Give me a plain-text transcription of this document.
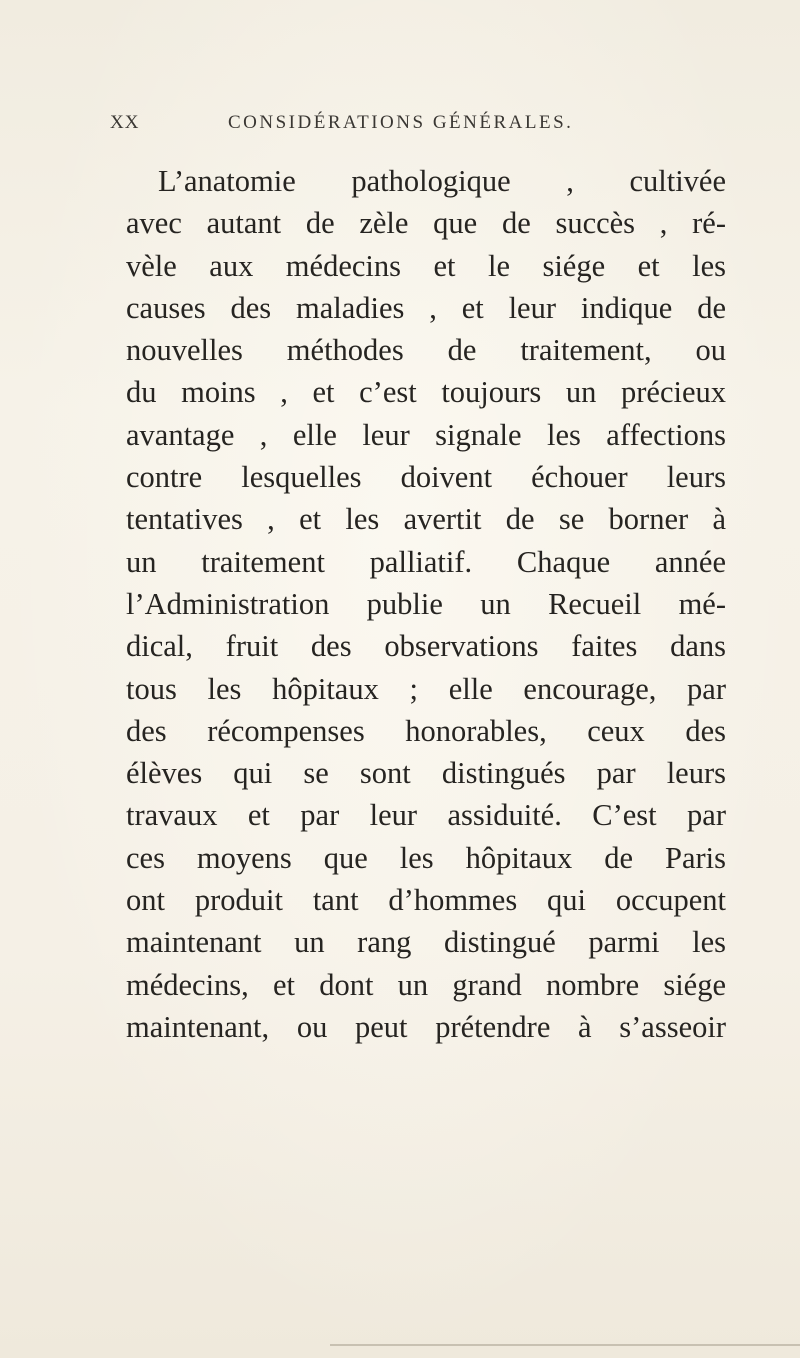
XX	CONSIDÉRATIONS GÉNÉRALES.
L’anatomie pathologique , cultivée
avec autant de zèle que de succès , ré-
vèle aux médecins et le siége et les
causes des maladies , et leur indique de
nouvelles méthodes de traitement, ou
du moins , et c’est toujours un précieux
avantage , elle leur signale les affections
contre lesquelles doivent échouer leurs
tentatives , et les avertit de se borner à
un traitement palliatif. Chaque année
l’Administration publie un Recueil mé-
dical, fruit des observations faites dans
tous les hôpitaux ; elle encourage, par
des récompenses honorables, ceux des
élèves qui se sont distingués par leurs
travaux et par leur assiduité. C’est par
ces moyens que les hôpitaux de Paris
ont produit tant d’hommes qui occupent
maintenant un rang distingué parmi les
médecins, et dont un grand nombre siége
maintenant, ou peut prétendre à s’asseoir
